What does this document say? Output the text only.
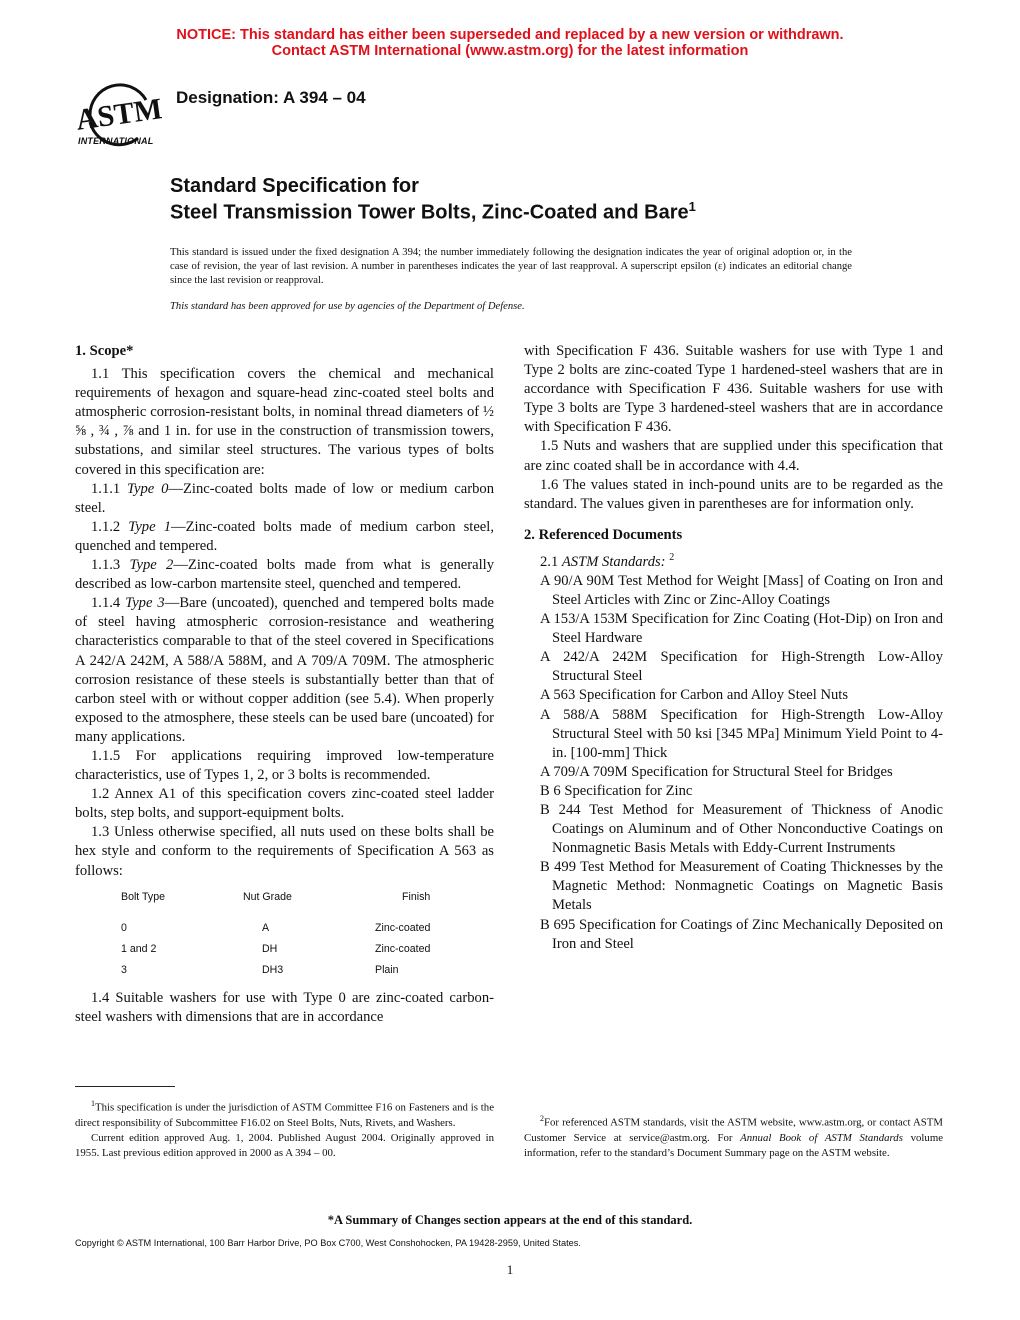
NOTICE: This standard has either been superseded and replaced by a new version or withdrawn.
Contact ASTM International (www.astm.org) for the latest information
ASTM
INTERNATIONAL
Designation: A 394 – 04
Standard Specification for
Steel Transmission Tower Bolts, Zinc-Coated and Bare$^1$
This standard is issued under the fixed designation A 394; the number immediately following the designation indicates the year of original adoption or, in the case of revision, the year of last revision. A number in parentheses indicates the year of last reapproval. A superscript epsilon (ε) indicates an editorial change since the last revision or reapproval.
This standard has been approved for use by agencies of the Department of Defense.
1. Scope*

1.1 This specification covers the chemical and mechanical requirements of hexagon and square-head zinc-coated steel bolts and atmospheric corrosion-resistant bolts, in nominal thread diameters of ½ ⅝ , ¾ , ⅞ and 1 in. for use in the construction of transmission towers, substations, and similar steel structures. The various types of bolts covered in this specification are:

1.1.1 Type 0—Zinc-coated bolts made of low or medium carbon steel.

1.1.2 Type 1—Zinc-coated bolts made of medium carbon steel, quenched and tempered.

1.1.3 Type 2—Zinc-coated bolts made from what is generally described as low-carbon martensite steel, quenched and tempered.

1.1.4 Type 3—Bare (uncoated), quenched and tempered bolts made of steel having atmospheric corrosion-resistance and weathering characteristics comparable to that of the steel covered in Specifications A 242/A 242M, A 588/A 588M, and A 709/A 709M. The atmospheric corrosion resistance of these steels is substantially better than that of carbon steel with or without copper addition (see 5.4). When properly exposed to the atmosphere, these steels can be used bare (uncoated) for many applications.

1.1.5 For applications requiring improved low-temperature characteristics, use of Types 1, 2, or 3 bolts is recommended.

1.2 Annex A1 of this specification covers zinc-coated steel ladder bolts, step bolts, and support-equipment bolts.

1.3 Unless otherwise specified, all nuts used on these bolts shall be hex style and conform to the requirements of Specification A 563 as follows:

Bolt Type	Nut Grade	Finish

0	A	Zinc-coated
1 and 2	DH	Zinc-coated
3	DH3	Plain

1.4 Suitable washers for use with Type 0 are zinc-coated carbon-steel washers with dimensions that are in accordance

with Specification F 436. Suitable washers for use with Type 1 and Type 2 bolts are zinc-coated Type 1 hardened-steel washers that are in accordance with Specification F 436. Suitable washers for use with Type 3 bolts are Type 3 hardened-steel washers that are in accordance with Specification F 436.

1.5 Nuts and washers that are supplied under this specification that are zinc coated shall be in accordance with 4.4.

1.6 The values stated in inch-pound units are to be regarded as the standard. The values given in parentheses are for information only.

2. Referenced Documents

2.1 ASTM Standards: $^2$

A 90/A 90M Test Method for Weight [Mass] of Coating on Iron and Steel Articles with Zinc or Zinc-Alloy Coatings

A 153/A 153M Specification for Zinc Coating (Hot-Dip) on Iron and Steel Hardware

A 242/A 242M Specification for High-Strength Low-Alloy Structural Steel

A 563 Specification for Carbon and Alloy Steel Nuts

A 588/A 588M Specification for High-Strength Low-Alloy Structural Steel with 50 ksi [345 MPa] Minimum Yield Point to 4-in. [100-mm] Thick

A 709/A 709M Specification for Structural Steel for Bridges

B 6 Specification for Zinc

B 244 Test Method for Measurement of Thickness of Anodic Coatings on Aluminum and of Other Nonconductive Coatings on Nonmagnetic Basis Metals with Eddy-Current Instruments

B 499 Test Method for Measurement of Coating Thicknesses by the Magnetic Method: Nonmagnetic Coatings on Magnetic Basis Metals

B 695 Specification for Coatings of Zinc Mechanically Deposited on Iron and Steel

$^1$This specification is under the jurisdiction of ASTM Committee F16 on Fasteners and is the direct responsibility of Subcommittee F16.02 on Steel Bolts, Nuts, Rivets, and Washers.

Current edition approved Aug. 1, 2004. Published August 2004. Originally approved in 1955. Last previous edition approved in 2000 as A 394 – 00.

$^2$For referenced ASTM standards, visit the ASTM website, www.astm.org, or contact ASTM Customer Service at service@astm.org. For Annual Book of ASTM Standards volume information, refer to the standard’s Document Summary page on the ASTM website.

*A Summary of Changes section appears at the end of this standard.
Copyright © ASTM International, 100 Barr Harbor Drive, PO Box C700, West Conshohocken, PA 19428-2959, United States.
1
